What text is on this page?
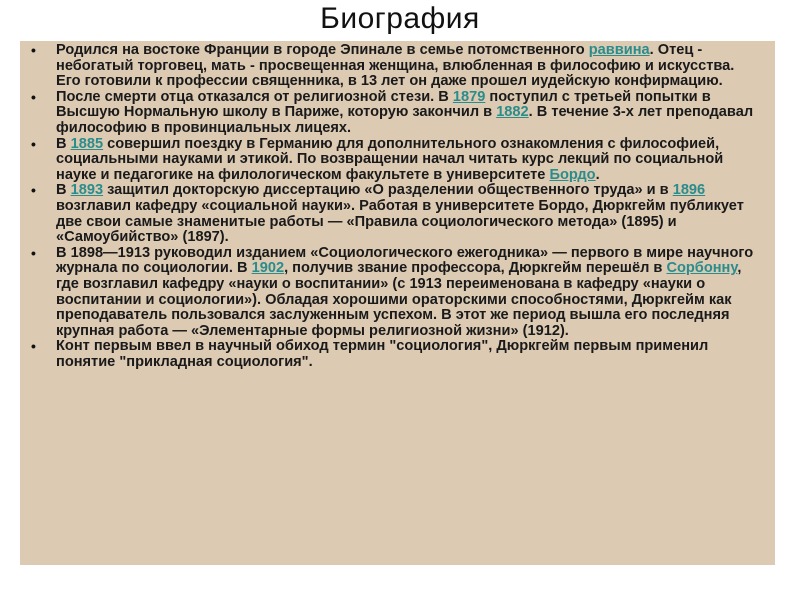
Биография
• Родился на востоке Франции в городе Эпинале в семье потомственного раввина. Отец - небогатый торговец, мать - просвещенная женщина, влюбленная в философию и искусства. Его готовили к профессии священника, в 13 лет он даже прошел иудейскую конфирмацию.
• После смерти отца отказался от религиозной стези. В 1879 поступил с третьей попытки в Высшую Нормальную школу в Париже, которую закончил в 1882. В течение 3-х лет преподавал философию в провинциальных лицеях.
• В 1885 совершил поездку в Германию для дополнительного ознакомления с философией, социальными науками и этикой. По возвращении начал читать курс лекций по социальной науке и педагогике на филологическом факультете в университете Бордо.
• В 1893 защитил докторскую диссертацию «О разделении общественного труда» и в 1896 возглавил кафедру «социальной науки». Работая в университете Бордо, Дюркгейм публикует две свои самые знаменитые работы — «Правила социологического метода» (1895) и «Самоубийство» (1897).
• В 1898—1913 руководил изданием «Социологического ежегодника» — первого в мире научного журнала по социологии. В 1902, получив звание профессора, Дюркгейм перешёл в Сорбонну, где возглавил кафедру «науки о воспитании» (с 1913 переименована в кафедру «науки о воспитании и социологии»). Обладая хорошими ораторскими способностями, Дюркгейм как преподаватель пользовался заслуженным успехом. В этот же период вышла его последняя крупная работа — «Элементарные формы религиозной жизни» (1912).
• Конт первым ввел в научный обиход термин "социология", Дюркгейм первым применил понятие "прикладная социология".
